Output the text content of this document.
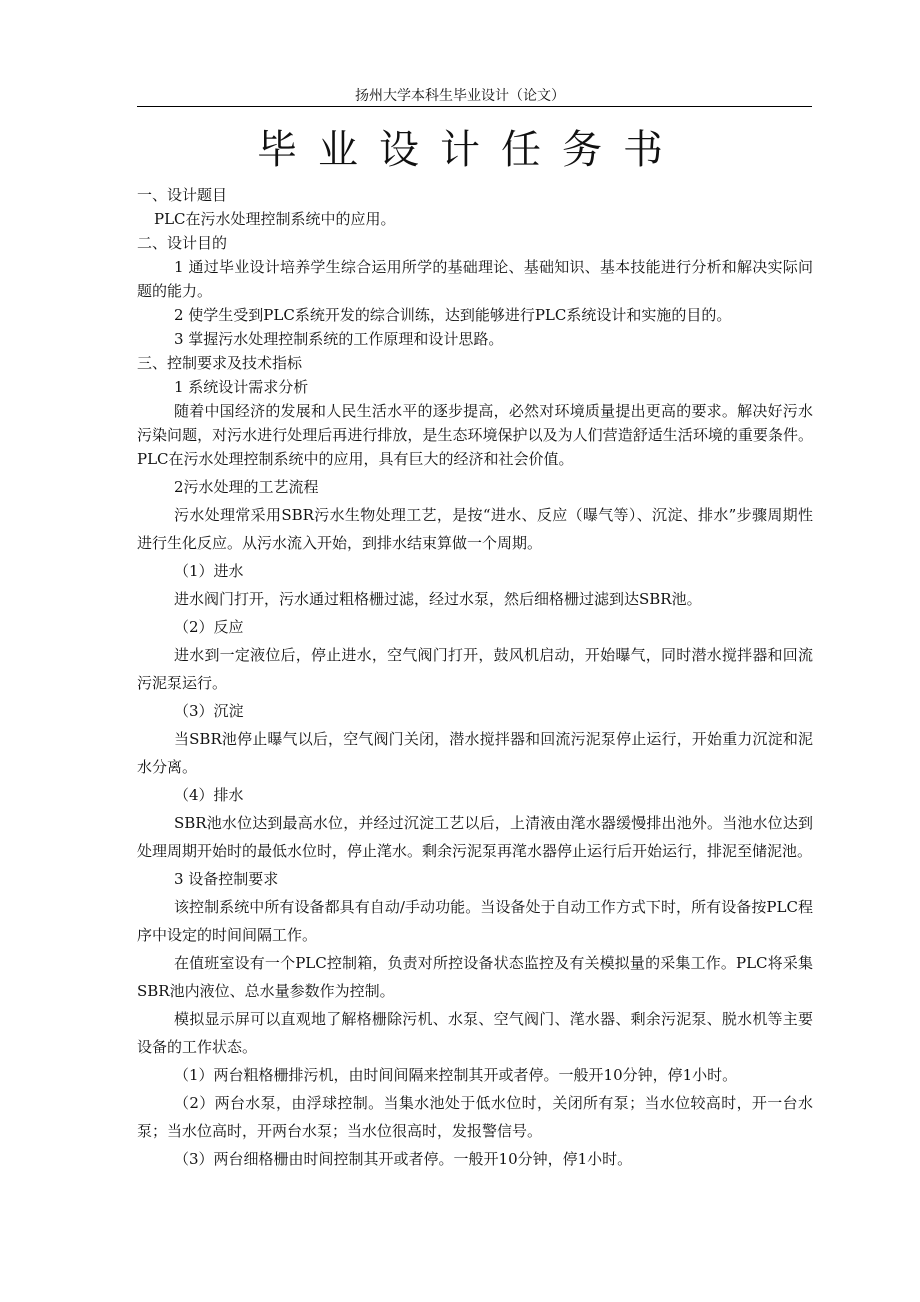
扬州大学本科生毕业设计（论文）
毕业设计任务书

一、设计题目

PLC在污水处理控制系统中的应用。

二、设计目的

1 通过毕业设计培养学生综合运用所学的基础理论、基础知识、基本技能进行分析和解决实际问题的能力。

2 使学生受到PLC系统开发的综合训练，达到能够进行PLC系统设计和实施的目的。

3 掌握污水处理控制系统的工作原理和设计思路。

三、控制要求及技术指标

1 系统设计需求分析

随着中国经济的发展和人民生活水平的逐步提高，必然对环境质量提出更高的要求。解决好污水污染问题，对污水进行处理后再进行排放，是生态环境保护以及为人们营造舒适生活环境的重要条件。PLC在污水处理控制系统中的应用，具有巨大的经济和社会价值。

2污水处理的工艺流程

污水处理常采用SBR污水生物处理工艺，是按“进水、反应（曝气等）、沉淀、排水”步骤周期性进行生化反应。从污水流入开始，到排水结束算做一个周期。

（1）进水

进水阀门打开，污水通过粗格栅过滤，经过水泵，然后细格栅过滤到达SBR池。

（2）反应

进水到一定液位后，停止进水，空气阀门打开，鼓风机启动，开始曝气，同时潜水搅拌器和回流污泥泵运行。

（3）沉淀

当SBR池停止曝气以后，空气阀门关闭，潜水搅拌器和回流污泥泵停止运行，开始重力沉淀和泥水分离。

（4）排水

SBR池水位达到最高水位，并经过沉淀工艺以后，上清液由滗水器缓慢排出池外。当池水位达到处理周期开始时的最低水位时，停止滗水。剩余污泥泵再滗水器停止运行后开始运行，排泥至储泥池。

3 设备控制要求

该控制系统中所有设备都具有自动/手动功能。当设备处于自动工作方式下时，所有设备按PLC程序中设定的时间间隔工作。

在值班室设有一个PLC控制箱，负责对所控设备状态监控及有关模拟量的采集工作。PLC将采集SBR池内液位、总水量参数作为控制。

模拟显示屏可以直观地了解格栅除污机、水泵、空气阀门、滗水器、剩余污泥泵、脱水机等主要设备的工作状态。

（1）两台粗格栅排污机，由时间间隔来控制其开或者停。一般开10分钟，停1小时。

（2）两台水泵，由浮球控制。当集水池处于低水位时，关闭所有泵；当水位较高时，开一台水泵；当水位高时，开两台水泵；当水位很高时，发报警信号。

（3）两台细格栅由时间控制其开或者停。一般开10分钟，停1小时。
